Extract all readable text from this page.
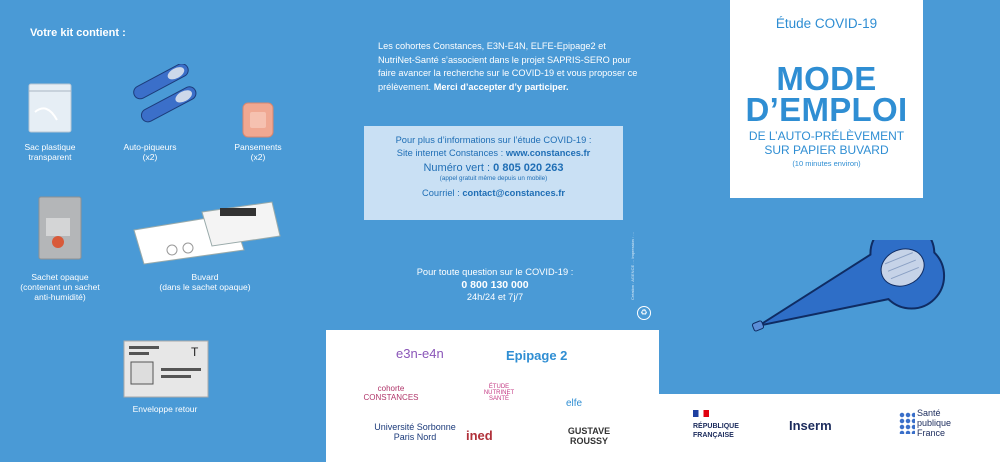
Votre kit contient :
Sac plastique
transparent
Auto-piqueurs
(x2)
Pansements
(x2)
Sachet opaque
(contenant un sachet
anti-humidité)
Buvard
(dans le sachet opaque)
T
Enveloppe retour
Les cohortes Constances, E3N-E4N, ELFE-Epipage2 et NutriNet-Santé s’associent dans le projet SAPRIS-SERO pour faire avancer la recherche sur le COVID-19 et vous proposer ce prélèvement. Merci d’accepter d’y participer.
Pour plus d’informations sur l’étude COVID-19 :
Site internet Constances : www.constances.fr
Numéro vert : 0 805 020 263
(appel gratuit même depuis un mobile)
Courriel : contact@constances.fr
Pour toute question sur le COVID-19 :
0 800 130 000
24h/24 et 7j/7	Création : AGENCE … Impression : …
♻
e3n-e4n	Epipage 2
cohorte CONSTANCES
ÉTUDE NUTRINET SANTÉ	elfe
Université Sorbonne Paris Nord	ined	GUSTAVE ROUSSY
Étude COVID-19
MODE
D’EMPLOI
DE L’AUTO-PRÉLÈVEMENT
SUR PAPIER BUVARD
(10 minutes environ)

RÉPUBLIQUE
FRANÇAISE
Inserm
Santé
publique
France
